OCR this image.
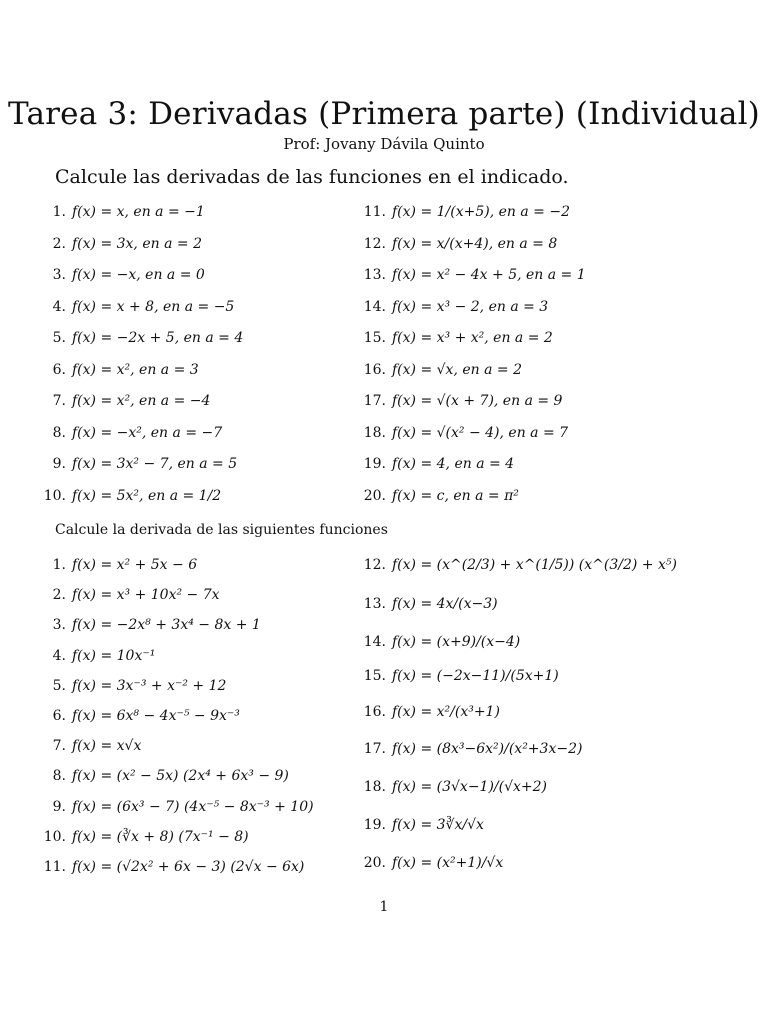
Tarea 3: Derivadas (Primera parte) (Individual)
Prof: Jovany Dávila Quinto
Calcule las derivadas de las funciones en el indicado.
1. f(x) = x, en a = −1
2. f(x) = 3x, en a = 2
3. f(x) = −x, en a = 0
4. f(x) = x + 8, en a = −5
5. f(x) = −2x + 5, en a = 4
6. f(x) = x², en a = 3
7. f(x) = x², en a = −4
8. f(x) = −x², en a = −7
9. f(x) = 3x² − 7, en a = 5
10. f(x) = 5x², en a = 1/2
11. f(x) = 1/(x+5), en a = −2
12. f(x) = x/(x+4), en a = 8
13. f(x) = x² − 4x + 5, en a = 1
14. f(x) = x³ − 2, en a = 3
15. f(x) = x³ + x², en a = 2
16. f(x) = √x, en a = 2
17. f(x) = √(x + 7), en a = 9
18. f(x) = √(x² − 4), en a = 7
19. f(x) = 4, en a = 4
20. f(x) = c, en a = π²
Calcule la derivada de las siguientes funciones
1. f(x) = x² + 5x − 6
2. f(x) = x³ + 10x² − 7x
3. f(x) = −2x⁸ + 3x⁴ − 8x + 1
4. f(x) = 10x⁻¹
5. f(x) = 3x⁻³ + x⁻² + 12
6. f(x) = 6x⁸ − 4x⁻⁵ − 9x⁻³
7. f(x) = x√x
8. f(x) = (x² − 5x) (2x⁴ + 6x³ − 9)
9. f(x) = (6x³ − 7) (4x⁻⁵ − 8x⁻³ + 10)
10. f(x) = (∛x + 8) (7x⁻¹ − 8)
11. f(x) = (√2x² + 6x − 3) (2√x − 6x)
12. f(x) = (x^(2/3) + x^(1/5)) (x^(3/2) + x⁵)
13. f(x) = 4x/(x−3)
14. f(x) = (x+9)/(x−4)
15. f(x) = (−2x−11)/(5x+1)
16. f(x) = x²/(x³+1)
17. f(x) = (8x³−6x²)/(x²+3x−2)
18. f(x) = (3√x−1)/(√x+2)
19. f(x) = 3∛x/√x
20. f(x) = (x²+1)/√x
1
